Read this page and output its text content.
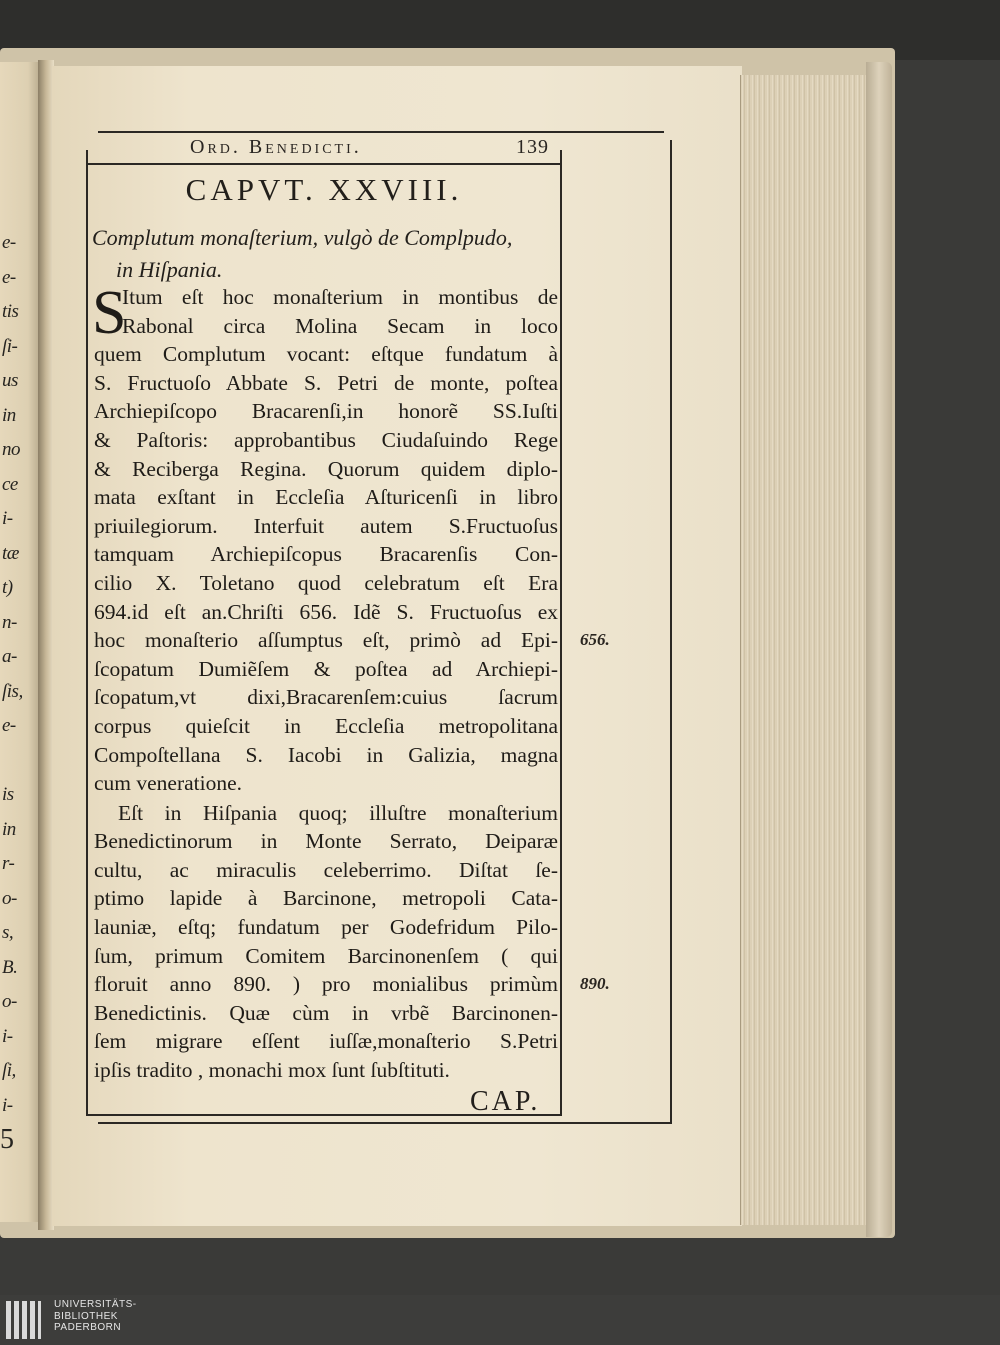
e-
e-
tis
ſi-
us
in
no
ce
i-
tæ
t)
n-
a-
ſis,
e-
is
in
r-
o-
s,
B.
o-
i-
ſi,
i-
5
Ord. Benedicti.	139
CAPVT. XXVIII.
Complutum monaſterium, vulgò de Complpudo,
in Hiſpania.
S
Itum eſt hoc monaſterium in montibus de
Rabonal circa Molina Secam in loco
quem Complutum vocant: eſtque fundatum à
S. Fructuoſo Abbate S. Petri de monte, poſtea
Archiepiſcopo Bracarenſi,in honorẽ SS.Iuſti
& Paſtoris: approbantibus Ciudaſuindo Rege
& Reciberga Regina. Quorum quidem diplo-
mata exſtant in Eccleſia Aſturicenſi in libro
priuilegiorum. Interfuit autem S.Fructuoſus
tamquam Archiepiſcopus Bracarenſis Con-
cilio X. Toletano quod celebratum eſt Era
694.id eſt an.Chriſti 656. Idẽ S. Fructuoſus ex
hoc monaſterio aſſumptus eſt, primò ad Epi-
ſcopatum Dumiẽſem & poſtea ad Archiepi-
ſcopatum,vt dixi,Bracarenſem:cuius ſacrum
corpus quieſcit in Eccleſia metropolitana
Compoſtellana S. Iacobi in Galizia, magna
cum veneratione.
Eſt in Hiſpania quoq; illuſtre monaſterium
Benedictinorum in Monte Serrato, Deiparæ
cultu, ac miraculis celeberrimo. Diſtat ſe-
ptimo lapide à Barcinone, metropoli Cata-
launiæ, eſtq; fundatum per Godefridum Pilo-
ſum, primum Comitem Barcinonenſem ( qui
floruit anno 890. ) pro monialibus primùm
Benedictinis. Quæ cùm in vrbẽ Barcinonen-
ſem migrare eſſent iuſſæ,monaſterio S.Petri
ipſis tradito , monachi mox ſunt ſubſtituti.
656.
890.
CAP.
UNIVERSITÄTS-
BIBLIOTHEK
PADERBORN
